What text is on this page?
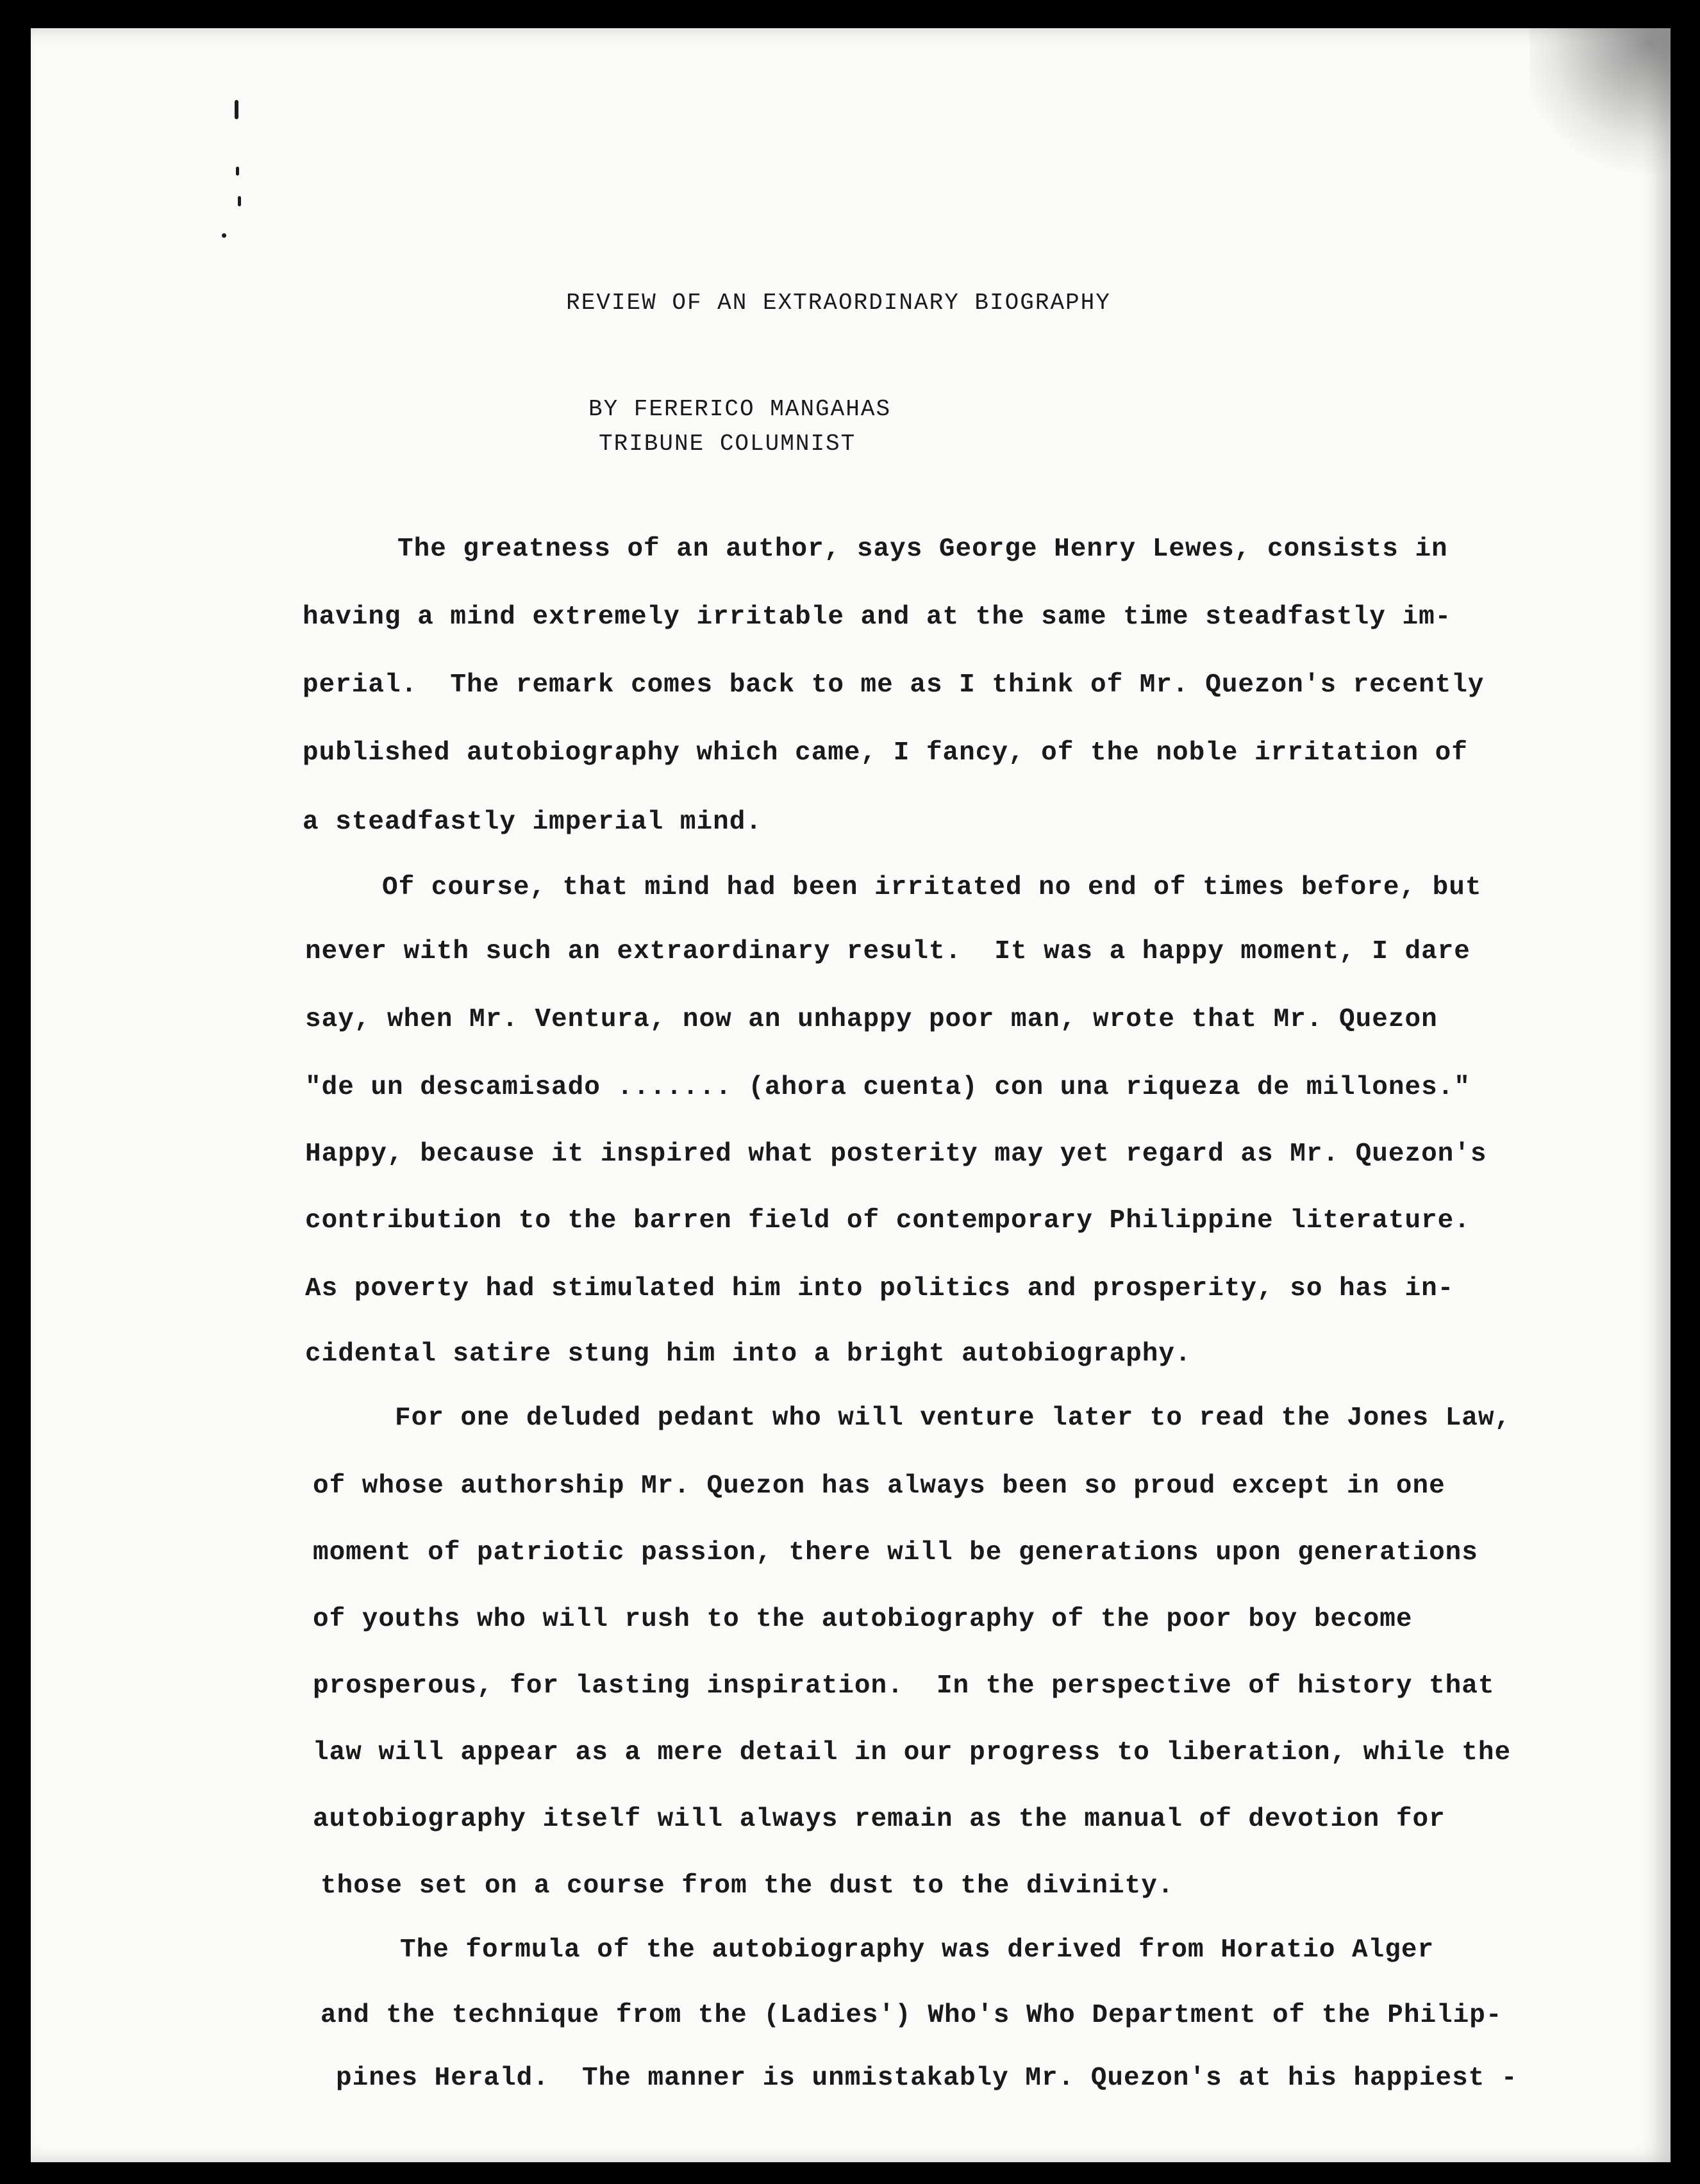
REVIEW OF AN EXTRAORDINARY BIOGRAPHY
BY FERERICO MANGAHAS
TRIBUNE COLUMNIST
The greatness of an author, says George Henry Lewes, consists in
having a mind extremely irritable and at the same time steadfastly im-
perial.  The remark comes back to me as I think of Mr. Quezon's recently
published autobiography which came, I fancy, of the noble irritation of
a steadfastly imperial mind.
Of course, that mind had been irritated no end of times before, but
never with such an extraordinary result.  It was a happy moment, I dare
say, when Mr. Ventura, now an unhappy poor man, wrote that Mr. Quezon
"de un descamisado ....... (ahora cuenta) con una riqueza de millones."
Happy, because it inspired what posterity may yet regard as Mr. Quezon's
contribution to the barren field of contemporary Philippine literature.
As poverty had stimulated him into politics and prosperity, so has in-
cidental satire stung him into a bright autobiography.
For one deluded pedant who will venture later to read the Jones Law,
of whose authorship Mr. Quezon has always been so proud except in one
moment of patriotic passion, there will be generations upon generations
of youths who will rush to the autobiography of the poor boy become
prosperous, for lasting inspiration.  In the perspective of history that
law will appear as a mere detail in our progress to liberation, while the
autobiography itself will always remain as the manual of devotion for
those set on a course from the dust to the divinity.
The formula of the autobiography was derived from Horatio Alger
and the technique from the (Ladies') Who's Who Department of the Philip-
pines Herald.  The manner is unmistakably Mr. Quezon's at his happiest -
